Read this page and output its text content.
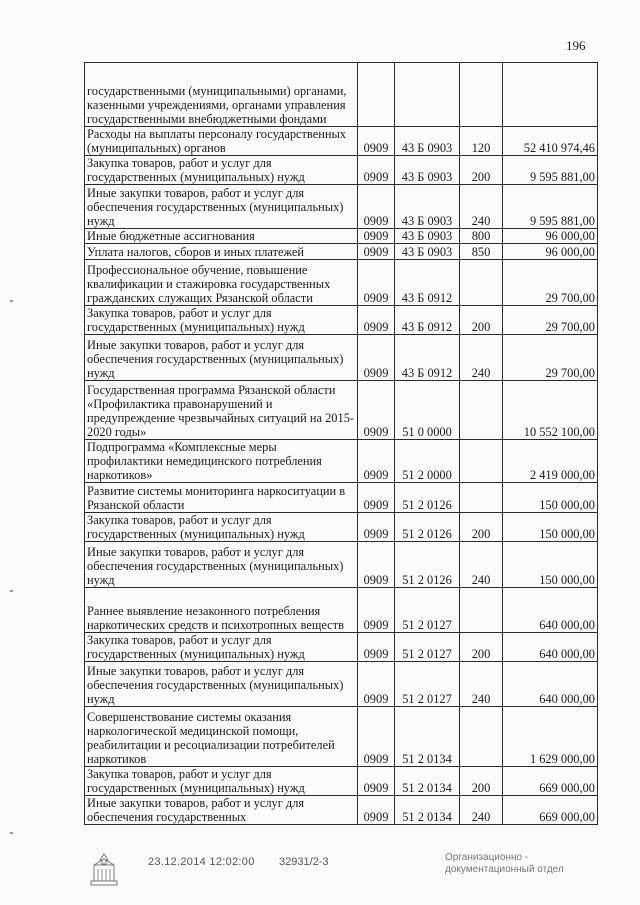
196
государственными (муниципальными) органами, казенными учреждениями, органами управления государственными внебюджетными фондами				
Расходы на выплаты персоналу государственных (муниципальных) органов	0909	43 Б 0903	120	52 410 974,46
Закупка товаров, работ и услуг для государственных (муниципальных) нужд	0909	43 Б 0903	200	9 595 881,00
Иные закупки товаров, работ и услуг для обеспечения государственных (муниципальных) нужд	0909	43 Б 0903	240	9 595 881,00
Иные бюджетные ассигнования	0909	43 Б 0903	800	96 000,00
Уплата налогов, сборов и иных платежей	0909	43 Б 0903	850	96 000,00
Профессиональное обучение, повышение квалификации и стажировка государственных гражданских служащих Рязанской области	0909	43 Б 0912		29 700,00
Закупка товаров, работ и услуг для государственных (муниципальных) нужд	0909	43 Б 0912	200	29 700,00
Иные закупки товаров, работ и услуг для обеспечения государственных (муниципальных) нужд	0909	43 Б 0912	240	29 700,00
Государственная программа Рязанской области «Профилактика правонарушений и предупреждение чрезвычайных ситуаций на 2015-2020 годы»	0909	51 0 0000		10 552 100,00
Подпрограмма «Комплексные меры профилактики немедицинского потребления наркотиков»	0909	51 2 0000		2 419 000,00
Развитие системы мониторинга наркоситуации в Рязанской области	0909	51 2 0126		150 000,00
Закупка товаров, работ и услуг для государственных (муниципальных) нужд	0909	51 2 0126	200	150 000,00
Иные закупки товаров, работ и услуг для обеспечения государственных (муниципальных) нужд	0909	51 2 0126	240	150 000,00
Раннее выявление незаконного потребления наркотических средств и психотропных веществ	0909	51 2 0127		640 000,00
Закупка товаров, работ и услуг для государственных (муниципальных) нужд	0909	51 2 0127	200	640 000,00
Иные закупки товаров, работ и услуг для обеспечения государственных (муниципальных) нужд	0909	51 2 0127	240	640 000,00
Совершенствование системы оказания наркологической медицинской помощи, реабилитации и ресоциализации потребителей наркотиков	0909	51 2 0134		1 629 000,00
Закупка товаров, работ и услуг для государственных (муниципальных) нужд	0909	51 2 0134	200	669 000,00
Иные закупки товаров, работ и услуг для обеспечения государственных	0909	51 2 0134	240	669 000,00
23.12.2014 12:02:00 32931/2-3	Организационно -
документационный отдел
